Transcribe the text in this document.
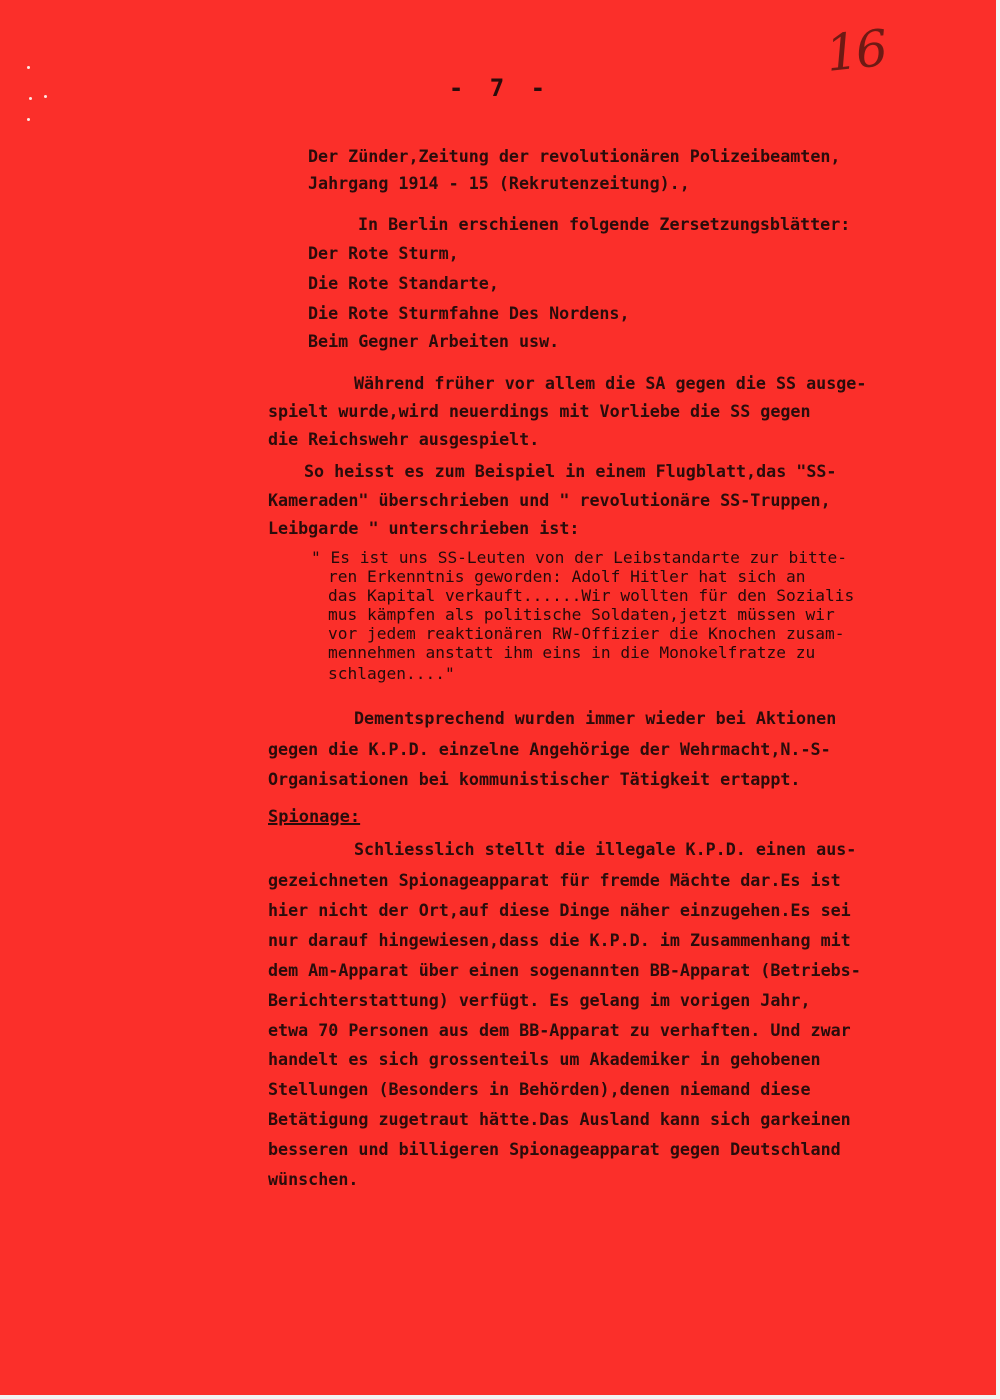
16
- 7 -
Der Zünder,Zeitung der revolutionären Polizeibeamten,
Jahrgang 1914 - 15 (Rekrutenzeitung).,
In Berlin erschienen folgende Zersetzungsblätter:
Der Rote Sturm,
Die Rote Standarte,
Die Rote Sturmfahne Des Nordens,
Beim Gegner Arbeiten usw.
Während früher vor allem die SA gegen die SS ausge-
spielt wurde,wird neuerdings mit Vorliebe die SS gegen
die Reichswehr ausgespielt.
So heisst es zum Beispiel in einem Flugblatt,das "SS-
Kameraden" überschrieben und " revolutionäre SS-Truppen,
Leibgarde " unterschrieben ist:
" Es ist uns SS-Leuten von der Leibstandarte zur bitte-
ren Erkenntnis geworden: Adolf Hitler hat sich an
das Kapital verkauft......Wir wollten für den Sozialis
mus kämpfen als politische Soldaten,jetzt müssen wir
vor jedem reaktionären RW-Offizier die Knochen zusam-
mennehmen anstatt ihm eins in die Monokelfratze zu
schlagen...."
Dementsprechend wurden immer wieder bei Aktionen
gegen die K.P.D. einzelne Angehörige der Wehrmacht,N.-S-
Organisationen bei kommunistischer Tätigkeit ertappt.
Spionage:
Schliesslich stellt die illegale K.P.D. einen aus-
gezeichneten Spionageapparat für fremde Mächte dar.Es ist
hier nicht der Ort,auf diese Dinge näher einzugehen.Es sei
nur darauf hingewiesen,dass die K.P.D. im Zusammenhang mit
dem Am-Apparat über einen sogenannten BB-Apparat (Betriebs-
Berichterstattung) verfügt. Es gelang im vorigen Jahr,
etwa 70 Personen aus dem BB-Apparat zu verhaften. Und zwar
handelt es sich grossenteils um Akademiker in gehobenen
Stellungen (Besonders in Behörden),denen niemand diese
Betätigung zugetraut hätte.Das Ausland kann sich garkeinen
besseren und billigeren Spionageapparat gegen Deutschland
wünschen.
